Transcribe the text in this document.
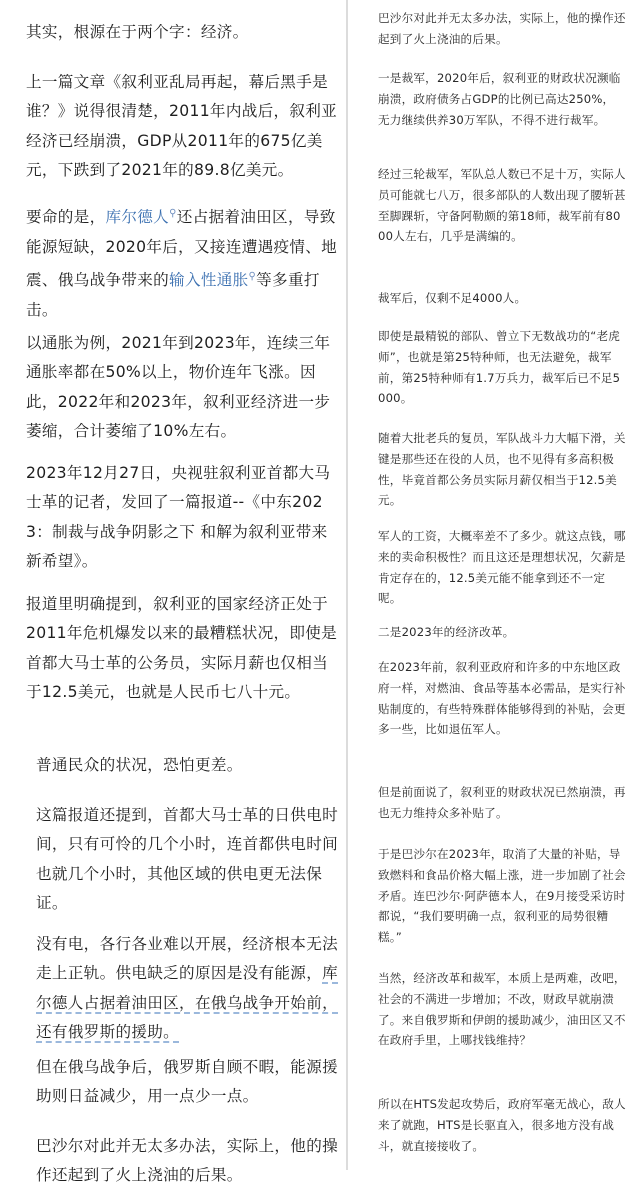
其实，根源在于两个字：经济。

上一篇文章《叙利亚乱局再起，幕后黑手是谁？》说得很清楚，2011年内战后，叙利亚经济已经崩溃，GDP从2011年的675亿美元，下跌到了2021年的89.8亿美元。

要命的是，库尔德人⚲还占据着油田区，导致能源短缺，2020年后，又接连遭遇疫情、地震、俄乌战争带来的输入性通胀⚲等多重打击。

以通胀为例，2021年到2023年，连续三年通胀率都在50%以上，物价连年飞涨。因此，2022年和2023年，叙利亚经济进一步萎缩，合计萎缩了10%左右。

2023年12月27日，央视驻叙利亚首都大马士革的记者，发回了一篇报道--《中东2023：制裁与战争阴影之下 和解为叙利亚带来新希望》。

报道里明确提到，叙利亚的国家经济正处于2011年危机爆发以来的最糟糕状况，即使是首都大马士革的公务员，实际月薪也仅相当于12.5美元，也就是人民币七八十元。

普通民众的状况，恐怕更差。

这篇报道还提到，首都大马士革的日供电时间，只有可怜的几个小时，连首都供电时间也就几个小时，其他区域的供电更无法保证。

没有电，各行各业难以开展，经济根本无法走上正轨。供电缺乏的原因是没有能源，库尔德人占据着油田区，在俄乌战争开始前，还有俄罗斯的援助。

但在俄乌战争后，俄罗斯自顾不暇，能源援助则日益减少，用一点少一点。

巴沙尔对此并无太多办法，实际上，他的操作还起到了火上浇油的后果。

巴沙尔对此并无太多办法，实际上，他的操作还起到了火上浇油的后果。

一是裁军，2020年后，叙利亚的财政状况濒临崩溃，政府债务占GDP的比例已高达250%，无力继续供养30万军队，不得不进行裁军。

经过三轮裁军，军队总人数已不足十万，实际人员可能就七八万，很多部队的人数出现了腰斩甚至脚踝斩，守备阿勒颇的第18师，裁军前有8000人左右，几乎是满编的。

裁军后，仅剩不足4000人。

即使是最精锐的部队、曾立下无数战功的“老虎师”，也就是第25特种师，也无法避免，裁军前，第25特种师有1.7万兵力，裁军后已不足5000。

随着大批老兵的复员，军队战斗力大幅下滑，关键是那些还在役的人员，也不见得有多高积极性，毕竟首都公务员实际月薪仅相当于12.5美元。

军人的工资，大概率差不了多少。就这点钱，哪来的卖命积极性？而且这还是理想状况，欠薪是肯定存在的，12.5美元能不能拿到还不一定呢。

二是2023年的经济改革。

在2023年前，叙利亚政府和许多的中东地区政府一样，对燃油、食品等基本必需品，是实行补贴制度的，有些特殊群体能够得到的补贴，会更多一些，比如退伍军人。

但是前面说了，叙利亚的财政状况已然崩溃，再也无力维持众多补贴了。

于是巴沙尔在2023年，取消了大量的补贴，导致燃料和食品价格大幅上涨，进一步加剧了社会矛盾。连巴沙尔·阿萨德本人，在9月接受采访时都说，“我们要明确一点，叙利亚的局势很糟糕。”

当然，经济改革和裁军，本质上是两难，改吧，社会的不满进一步增加；不改，财政早就崩溃了。来自俄罗斯和伊朗的援助减少，油田区又不在政府手里，上哪找钱维持？

所以在HTS发起攻势后，政府军毫无战心，敌人来了就跑，HTS是长驱直入，很多地方没有战斗，就直接接收了。
